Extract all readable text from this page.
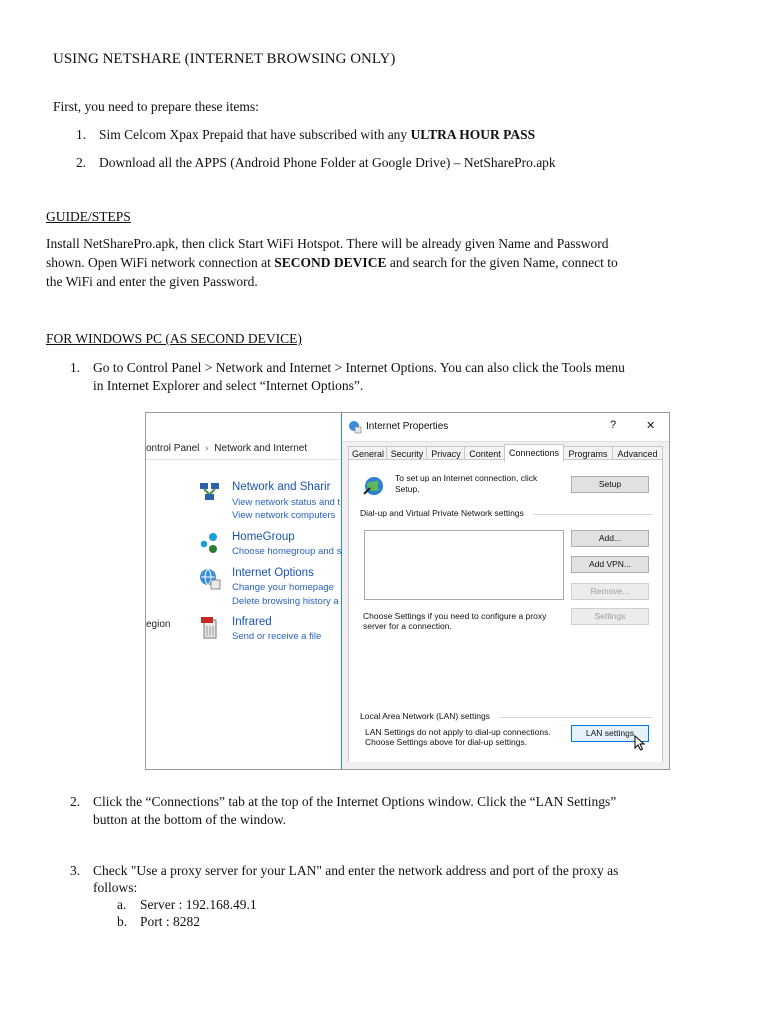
USING NETSHARE (INTERNET BROWSING ONLY)
First, you need to prepare these items:
1. Sim Celcom Xpax Prepaid that have subscribed with any ULTRA HOUR PASS
2. Download all the APPS (Android Phone Folder at Google Drive) – NetSharePro.apk
GUIDE/STEPS
Install NetSharePro.apk, then click Start WiFi Hotspot. There will be already given Name and Password
shown. Open WiFi network connection at SECOND DEVICE and search for the given Name, connect to
the WiFi and enter the given Password.
FOR WINDOWS PC (AS SECOND DEVICE)
1. Go to Control Panel > Network and Internet > Internet Options. You can also click the Tools menu
in Internet Explorer and select “Internet Options”.
ontrol Panel › Network and Internet
Network and Sharir
View network status and t
View network computers
HomeGroup
Choose homegroup and s
Internet Options
Change your homepage
Delete browsing history a
Infrared
Send or receive a file
egion
Internet Properties	?	✕
General Security Privacy Content	Programs	Advanced
To set up an Internet connection, click
Setup.	Setup
Dial-up and Virtual Private Network settings
Add...
Add VPN...
Remove...
Settings
Choose Settings if you need to configure a proxy
server for a connection.
Local Area Network (LAN) settings
LAN Settings do not apply to dial-up connections.
Choose Settings above for dial-up settings.
LAN settings
Connections
2. Click the “Connections” tab at the top of the Internet Options window. Click the “LAN Settings”
button at the bottom of the window.
3. Check "Use a proxy server for your LAN" and enter the network address and port of the proxy as
follows:
a. Server : 192.168.49.1
b. Port : 8282
